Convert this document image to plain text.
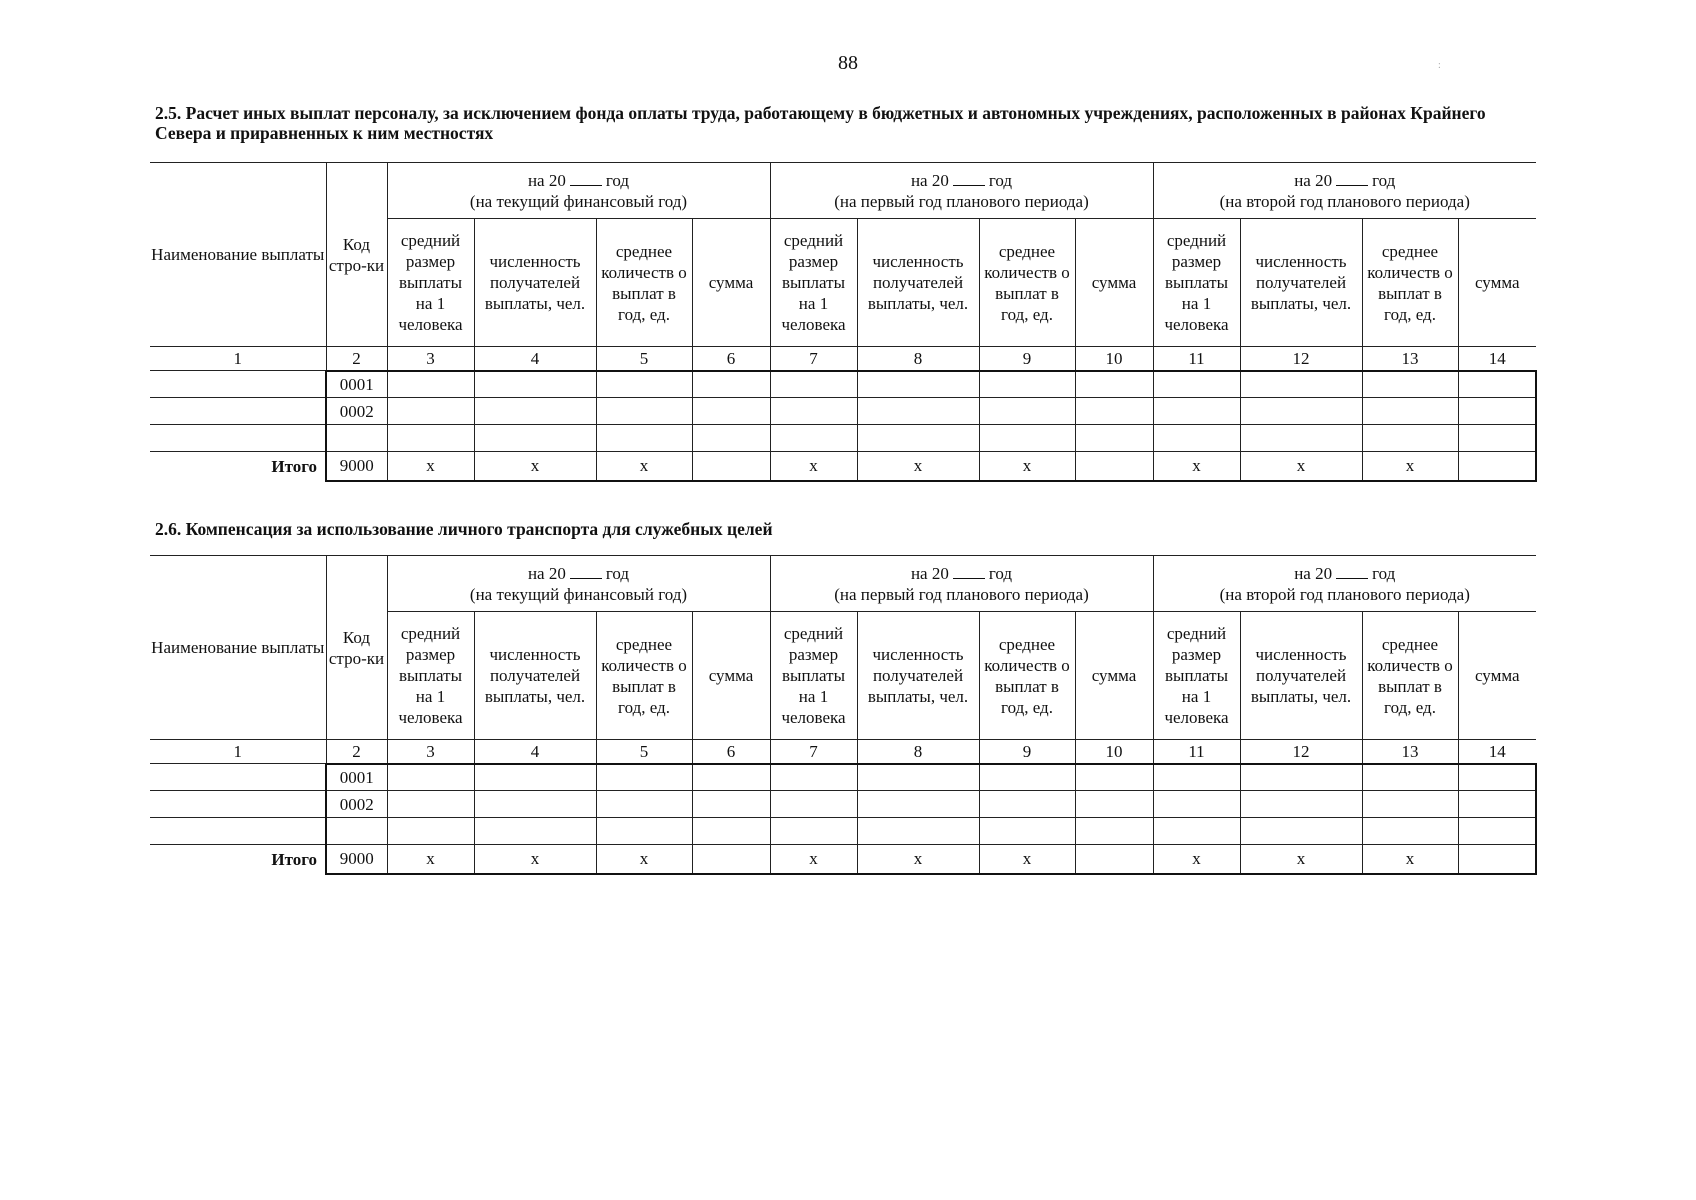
88	:
2.5. Расчет иных выплат персоналу, за исключением фонда оплаты труда, работающему в бюджетных и автономных учреждениях, расположенных в районах Крайнего Севера и приравненных к ним местностях
Наименование выплаты	Код стро-ки	на 20 год				на 20 год				на 20 год			
		(на текущий финансовый год)				(на первый год планового периода)				(на второй год планового периода)			
		средний размер выплаты на 1 человека	численность получателей выплаты, чел.	среднее количеств о выплат в год, ед.	сумма	средний размер выплаты на 1 человека	численность получателей выплаты, чел.	среднее количеств о выплат в год, ед.	сумма	средний размер выплаты на 1 человека	численность получателей выплаты, чел.	среднее количеств о выплат в год, ед.	сумма
1	2	3	4	5	6	7	8	9	10	11	12	13	14
	0001												
	0002												

Итого	9000	x	x	x		x	x	x		x	x	x	
2.6. Компенсация за использование личного транспорта для служебных целей
Наименование выплаты	Код стро-ки	на 20 год				на 20 год				на 20 год			
		(на текущий финансовый год)				(на первый год планового периода)				(на второй год планового периода)			
		средний размер выплаты на 1 человека	численность получателей выплаты, чел.	среднее количеств о выплат в год, ед.	сумма	средний размер выплаты на 1 человека	численность получателей выплаты, чел.	среднее количеств о выплат в год, ед.	сумма	средний размер выплаты на 1 человека	численность получателей выплаты, чел.	среднее количеств о выплат в год, ед.	сумма
1	2	3	4	5	6	7	8	9	10	11	12	13	14
	0001												
	0002												

Итого	9000	x	x	x		x	x	x		x	x	x	
